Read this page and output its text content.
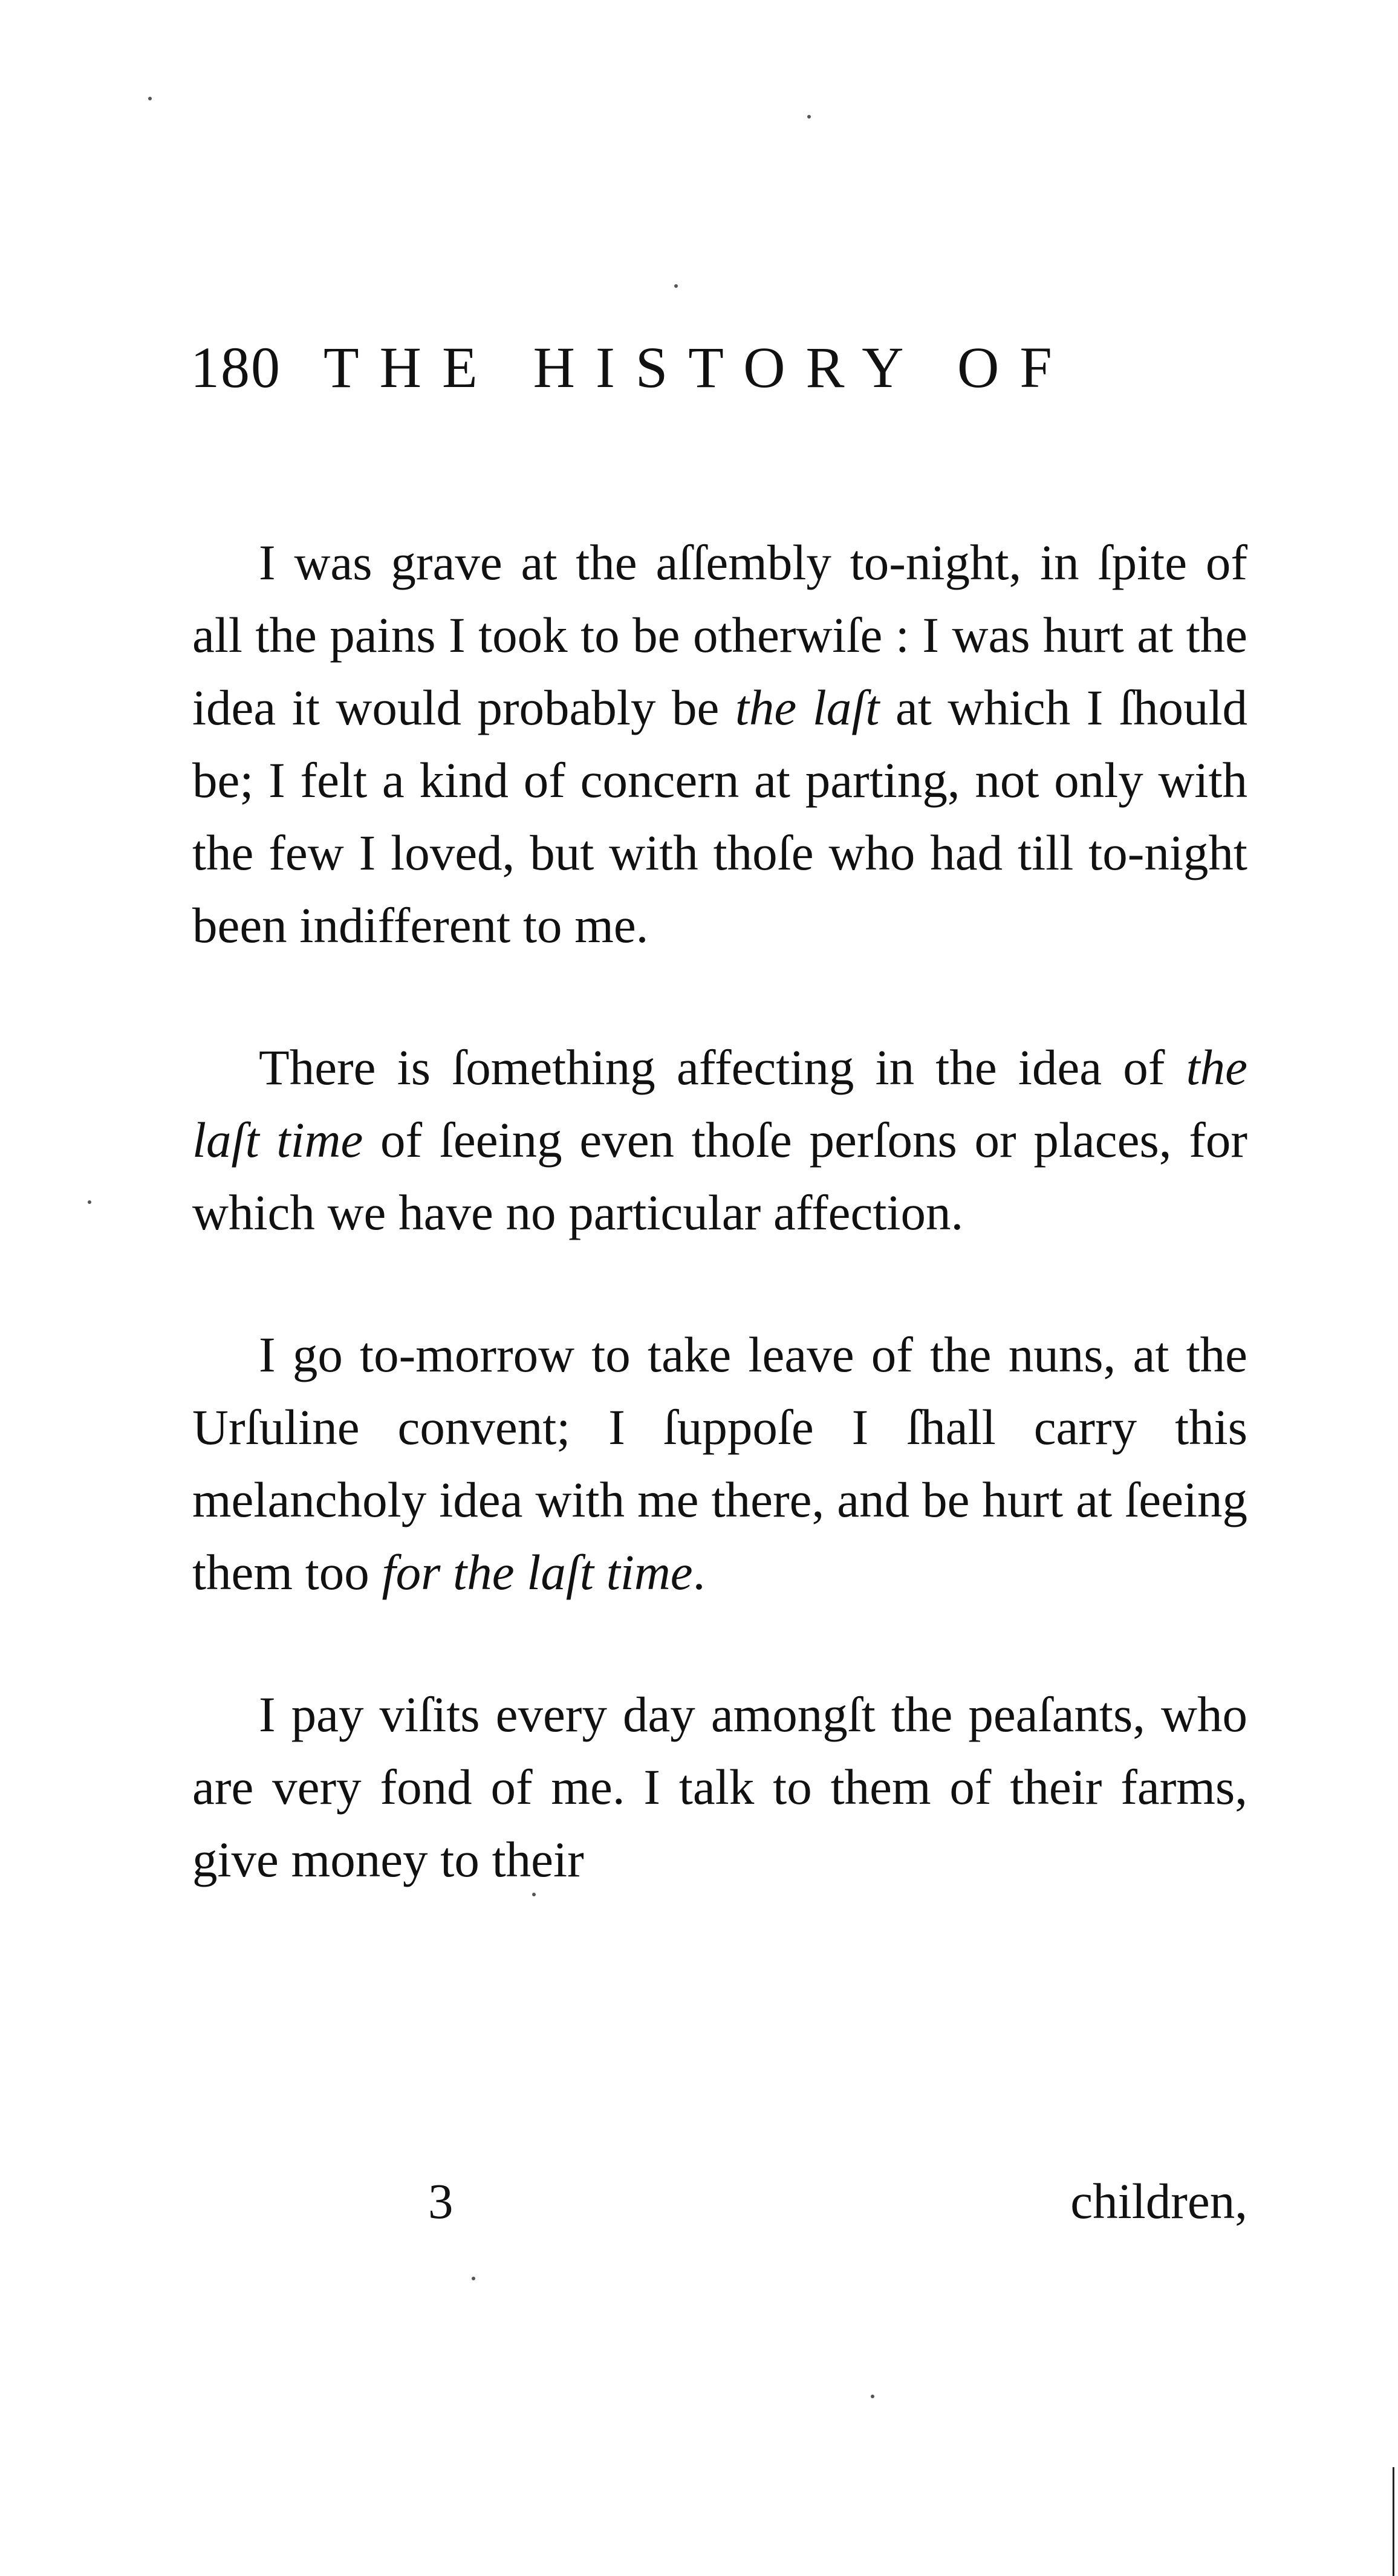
180 THE HISTORY OF

I was grave at the aſſembly to-night, in ſpite of all the pains I took to be otherwiſe : I was hurt at the idea it would probably be the laſt at which I ſhould be; I felt a kind of concern at parting, not only with the few I loved, but with thoſe who had till to-night been indifferent to me.

There is ſomething affecting in the idea of the laſt time of ſeeing even thoſe perſons or places, for which we have no particular affection.

I go to-morrow to take leave of the nuns, at the Urſuline convent; I ſuppoſe I ſhall carry this melancholy idea with me there, and be hurt at ſeeing them too for the laſt time.

I pay viſits every day amongſt the peaſants, who are very fond of me. I talk to them of their farms, give money to their

3	children,
